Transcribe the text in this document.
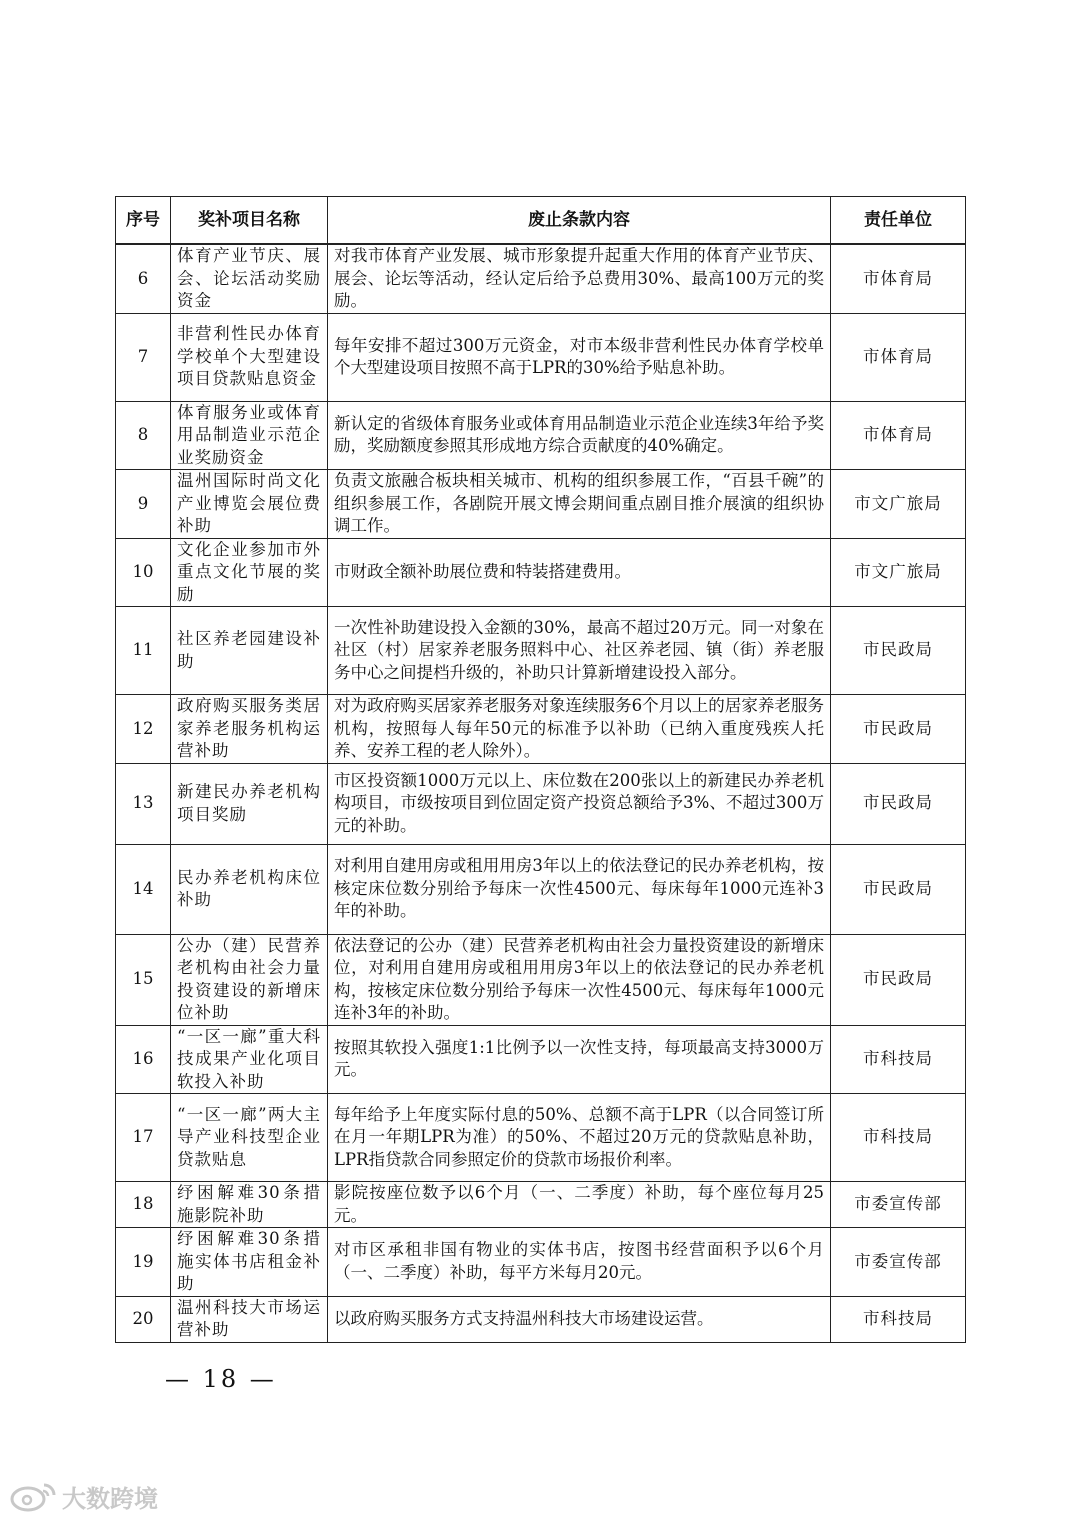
序号	奖补项目名称	废止条款内容	责任单位
6	体育产业节庆、展会、论坛活动奖励资金	对我市体育产业发展、城市形象提升起重大作用的体育产业节庆、展会、论坛等活动，经认定后给予总费用30%、最高100万元的奖励。	市体育局
7	非营利性民办体育学校单个大型建设项目贷款贴息资金	每年安排不超过300万元资金，对市本级非营利性民办体育学校单个大型建设项目按照不高于LPR的30%给予贴息补助。	市体育局
8	体育服务业或体育用品制造业示范企业奖励资金	新认定的省级体育服务业或体育用品制造业示范企业连续3年给予奖励，奖励额度参照其形成地方综合贡献度的40%确定。	市体育局
9	温州国际时尚文化产业博览会展位费补助	负责文旅融合板块相关城市、机构的组织参展工作，“百县千碗”的组织参展工作，各剧院开展文博会期间重点剧目推介展演的组织协调工作。	市文广旅局
10	文化企业参加市外重点文化节展的奖励	市财政全额补助展位费和特装搭建费用。	市文广旅局
11	社区养老园建设补助	一次性补助建设投入金额的30%，最高不超过20万元。同一对象在社区（村）居家养老服务照料中心、社区养老园、镇（街）养老服务中心之间提档升级的，补助只计算新增建设投入部分。	市民政局
12	政府购买服务类居家养老服务机构运营补助	对为政府购买居家养老服务对象连续服务6个月以上的居家养老服务机构，按照每人每年50元的标准予以补助（已纳入重度残疾人托养、安养工程的老人除外）。	市民政局
13	新建民办养老机构项目奖励	市区投资额1000万元以上、床位数在200张以上的新建民办养老机构项目，市级按项目到位固定资产投资总额给予3%、不超过300万元的补助。	市民政局
14	民办养老机构床位补助	对利用自建用房或租用用房3年以上的依法登记的民办养老机构，按核定床位数分别给予每床一次性4500元、每床每年1000元连补3年的补助。	市民政局
15	公办（建）民营养老机构由社会力量投资建设的新增床位补助	依法登记的公办（建）民营养老机构由社会力量投资建设的新增床位，对利用自建用房或租用用房3年以上的依法登记的民办养老机构，按核定床位数分别给予每床一次性4500元、每床每年1000元连补3年的补助。	市民政局
16	“一区一廊”重大科技成果产业化项目软投入补助	按照其软投入强度1:1比例予以一次性支持，每项最高支持3000万元。	市科技局
17	“一区一廊”两大主导产业科技型企业贷款贴息	每年给予上年度实际付息的50%、总额不高于LPR（以合同签订所在月一年期LPR为准）的50%、不超过20万元的贷款贴息补助，LPR指贷款合同参照定价的贷款市场报价利率。	市科技局
18	纾困解难30条措施影院补助	影院按座位数予以6个月（一、二季度）补助，每个座位每月25元。	市委宣传部
19	纾困解难30条措施实体书店租金补助	对市区承租非国有物业的实体书店，按图书经营面积予以6个月（一、二季度）补助，每平方米每月20元。	市委宣传部
20	温州科技大市场运营补助	以政府购买服务方式支持温州科技大市场建设运营。	市科技局
— 18 —
大数跨境
